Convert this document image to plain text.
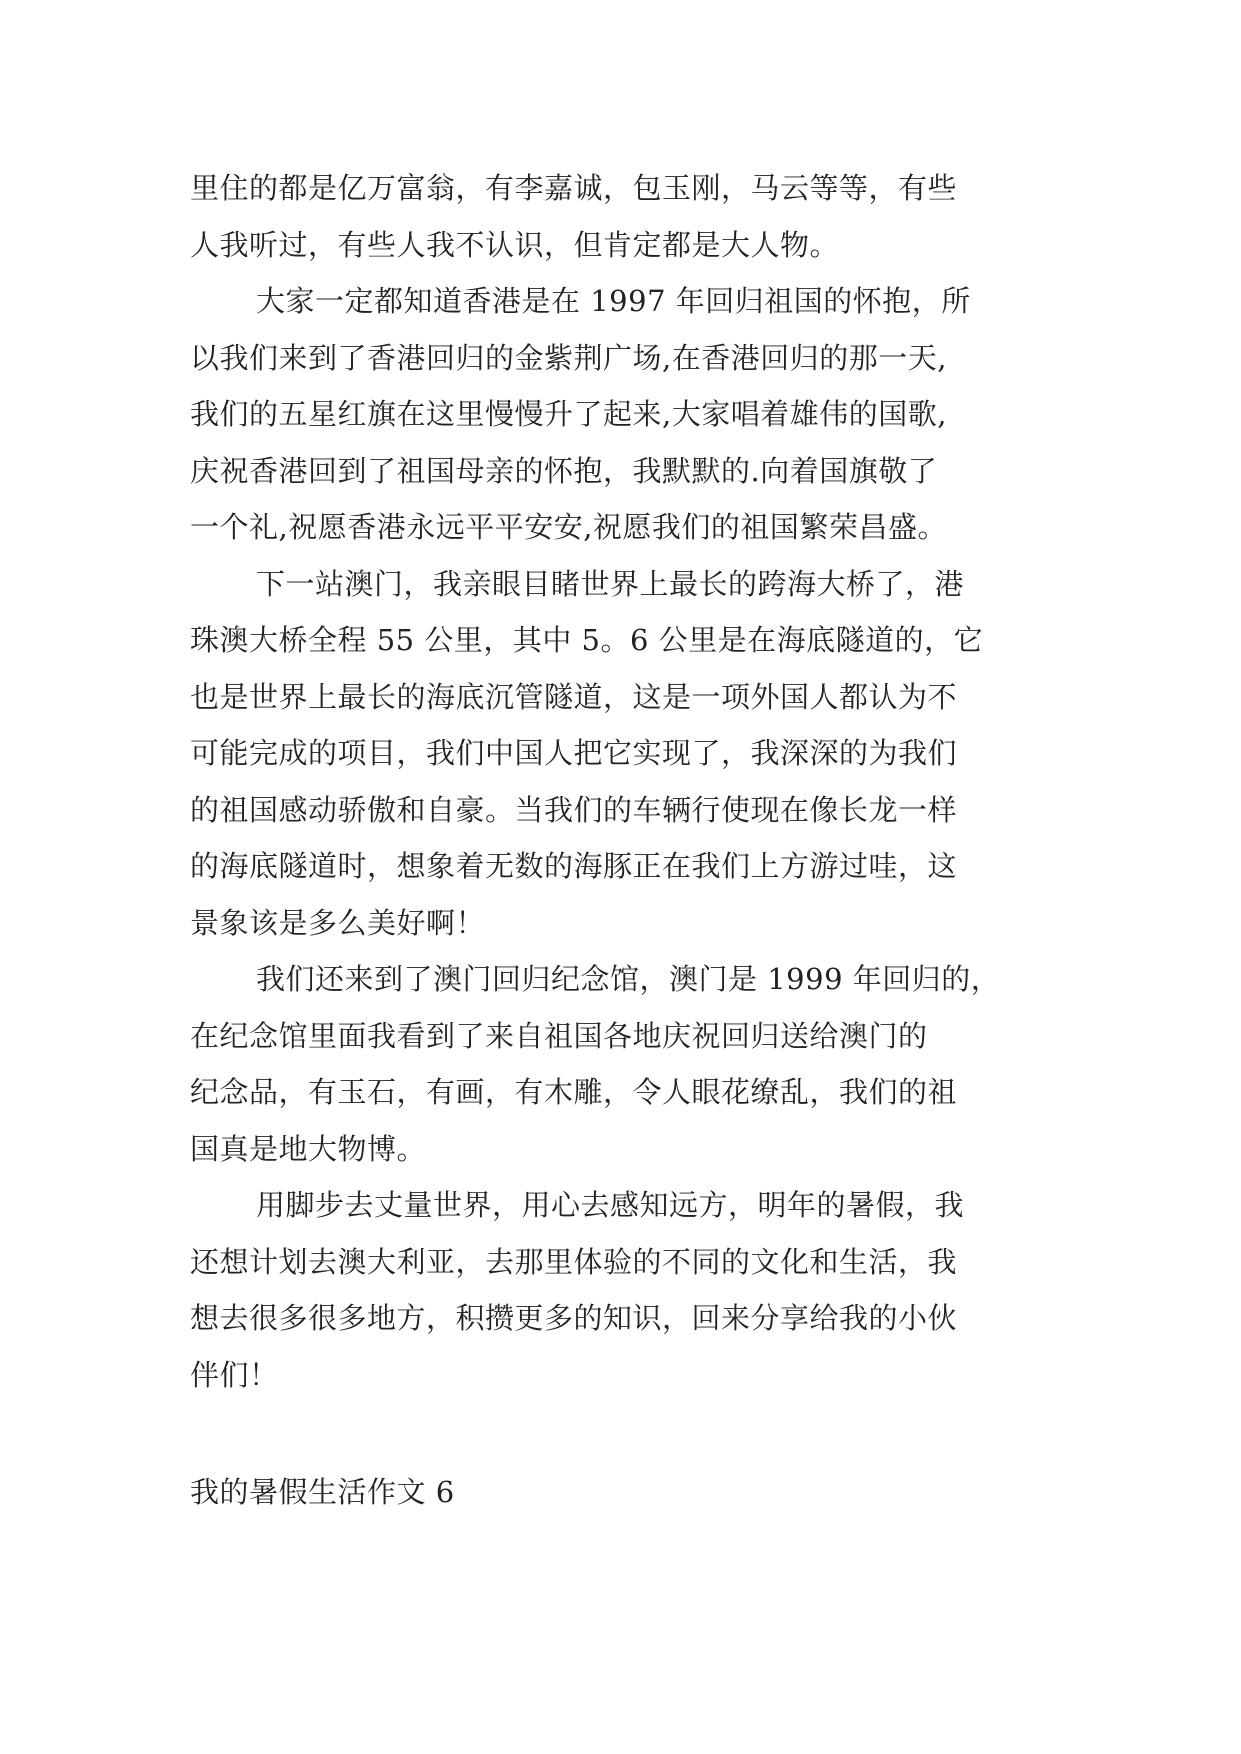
里住的都是亿万富翁，有李嘉诚，包玉刚，马云等等，有些
人我听过，有些人我不认识，但肯定都是大人物。
大家一定都知道香港是在 1997 年回归祖国的怀抱，所
以我们来到了香港回归的金紫荆广场,在香港回归的那一天,
我们的五星红旗在这里慢慢升了起来,大家唱着雄伟的国歌,
庆祝香港回到了祖国母亲的怀抱，我默默的.向着国旗敬了
一个礼,祝愿香港永远平平安安,祝愿我们的祖国繁荣昌盛。
下一站澳门，我亲眼目睹世界上最长的跨海大桥了，港
珠澳大桥全程 55 公里，其中 5。6 公里是在海底隧道的，它
也是世界上最长的海底沉管隧道，这是一项外国人都认为不
可能完成的项目，我们中国人把它实现了，我深深的为我们
的祖国感动骄傲和自豪。当我们的车辆行使现在像长龙一样
的海底隧道时，想象着无数的海豚正在我们上方游过哇，这
景象该是多么美好啊！
我们还来到了澳门回归纪念馆，澳门是 1999 年回归的，
在纪念馆里面我看到了来自祖国各地庆祝回归送给澳门的
纪念品，有玉石，有画，有木雕，令人眼花缭乱，我们的祖
国真是地大物博。
用脚步去丈量世界，用心去感知远方，明年的暑假，我
还想计划去澳大利亚，去那里体验的不同的文化和生活，我
想去很多很多地方，积攒更多的知识，回来分享给我的小伙
伴们！
我的暑假生活作文 6
